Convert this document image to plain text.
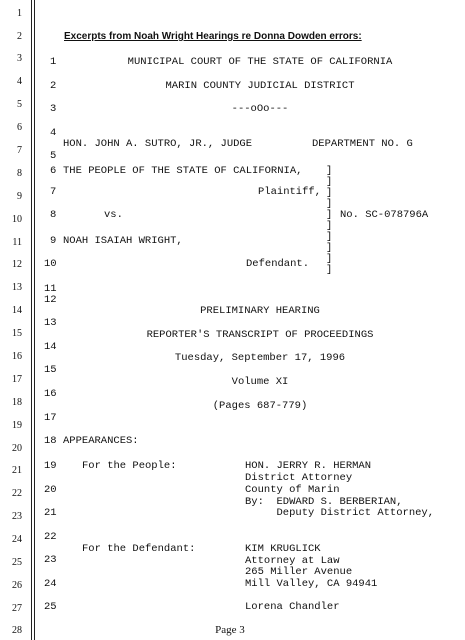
1
2
3
4
5
6
7
8
9
10
11
12
13
14
15
16
17
18
19
20
21
22
23
24
25
26
27
28
Excerpts from Noah Wright Hearings re Donna Dowden errors:
1
2
3
4
5
6
7
8
9
10
11
12
13
14
15
16
17
18
19
20
21
22
23
24
25
MUNICIPAL COURT OF THE STATE OF CALIFORNIA
MARIN COUNTY JUDICIAL DISTRICT
---oOo---
HON. JOHN A. SUTRO, JR., JUDGE	DEPARTMENT NO. G
THE PEOPLE OF THE STATE OF CALIFORNIA,
Plaintiff,
vs.	No. SC-078796A
NOAH ISAIAH WRIGHT,
Defendant.
]
]
]
]
]
]
]
]
]
]
PRELIMINARY HEARING
REPORTER'S TRANSCRIPT OF PROCEEDINGS
Tuesday, September 17, 1996
Volume XI
(Pages 687-779)
APPEARANCES:
For the People:	HON. JERRY R. HERMAN
District Attorney
County of Marin
By:  EDWARD S. BERBERIAN,
Deputy District Attorney,
For the Defendant:	KIM KRUGLICK
Attorney at Law
265 Miller Avenue
Mill Valley, CA 94941
Lorena Chandler
Page 3
